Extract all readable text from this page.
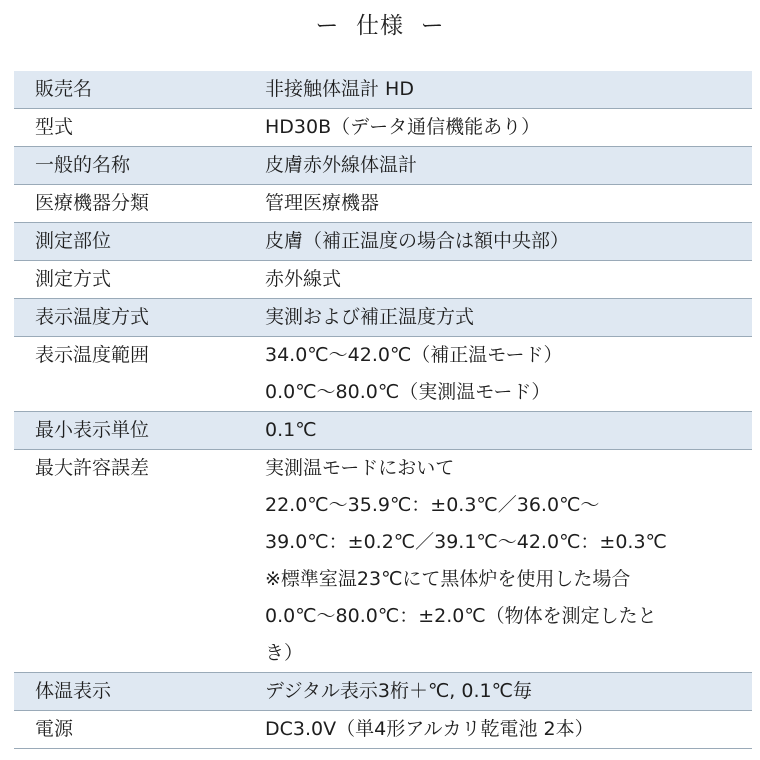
ー  仕様  ー
販売名	非接触体温計 HD
型式	HD30B（データ通信機能あり）
一般的名称	皮膚赤外線体温計
医療機器分類	管理医療機器
測定部位	皮膚（補正温度の場合は額中央部）
測定方式	赤外線式
表示温度方式	実測および補正温度方式
表示温度範囲	34.0℃～42.0℃（補正温モード）
0.0℃～80.0℃（実測温モード）
最小表示単位	0.1℃
最大許容誤差	実測温モードにおいて
22.0℃～35.9℃：±0.3℃／36.0℃～
39.0℃：±0.2℃／39.1℃～42.0℃：±0.3℃
※標準室温23℃にて黒体炉を使用した場合
0.0℃～80.0℃：±2.0℃（物体を測定したと
き）
体温表示	デジタル表示3桁＋℃, 0.1℃毎
電源	DC3.0V（単4形アルカリ乾電池 2本）
